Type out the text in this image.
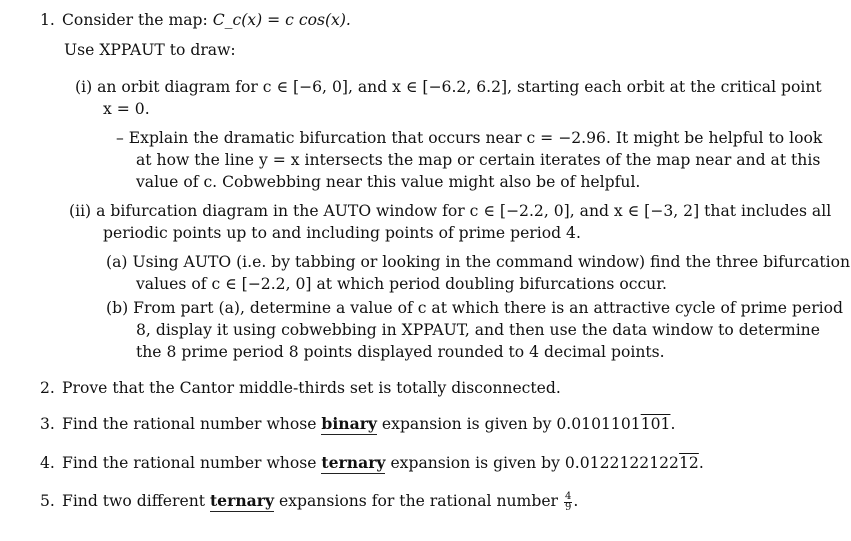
1. Consider the map: C_c(x) = c cos(x).
Use XPPAUT to draw:
(i) an orbit diagram for c ∈ [−6, 0], and x ∈ [−6.2, 6.2], starting each orbit at the critical point
x = 0.
– Explain the dramatic bifurcation that occurs near c = −2.96. It might be helpful to look
at how the line y = x intersects the map or certain iterates of the map near and at this
value of c. Cobwebbing near this value might also be of helpful.
(ii) a bifurcation diagram in the AUTO window for c ∈ [−2.2, 0], and x ∈ [−3, 2] that includes all
periodic points up to and including points of prime period 4.
(a) Using AUTO (i.e. by tabbing or looking in the command window) find the three bifurcation
values of c ∈ [−2.2, 0] at which period doubling bifurcations occur.
(b) From part (a), determine a value of c at which there is an attractive cycle of prime period
8, display it using cobwebbing in XPPAUT, and then use the data window to determine
the 8 prime period 8 points displayed rounded to 4 decimal points.
2. Prove that the Cantor middle-thirds set is totally disconnected.
3. Find the rational number whose binary expansion is given by 0.0101101101.
4. Find the rational number whose ternary expansion is given by 0.012212212212.
5. Find two different ternary expansions for the rational number $\frac{4}{9}$ .
